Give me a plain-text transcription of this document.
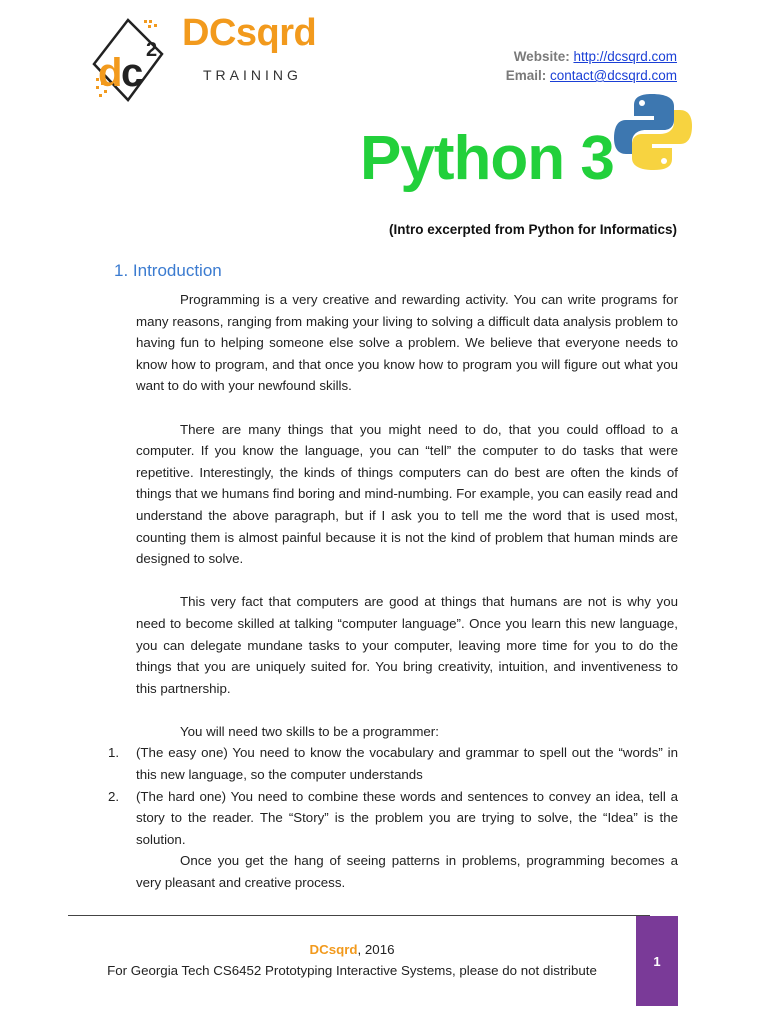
d
c
2 DCsqrd
TRAINING
Website: http://dcsqrd.com
Email: contact@dcsqrd.com
Python 3
(Intro excerpted from Python for Informatics)
1. Introduction

Programming is a very creative and rewarding activity. You can write programs for many reasons, ranging from making your living to solving a difficult data analysis problem to having fun to helping someone else solve a problem. We believe that everyone needs to know how to program, and that once you know how to program you will figure out what you want to do with your newfound skills.

There are many things that you might need to do, that you could offload to a computer. If you know the language, you can “tell” the computer to do tasks that were repetitive. Interestingly, the kinds of things computers can do best are often the kinds of things that we humans find boring and mind-numbing. For example, you can easily read and understand the above paragraph, but if I ask you to tell me the word that is used most, counting them is almost painful because it is not the kind of problem that human minds are designed to solve.

This very fact that computers are good at things that humans are not is why you need to become skilled at talking “computer language”. Once you learn this new language, you can delegate mundane tasks to your computer, leaving more time for you to do the things that you are uniquely suited for. You bring creativity, intuition, and inventiveness to this partnership.

You will need two skills to be a programmer:

1.	(The easy one) You need to know the vocabulary and grammar to spell out the “words” in this new language, so the computer understands
2.	(The hard one) You need to combine these words and sentences to convey an idea, tell a story to the reader. The “Story” is the problem you are trying to solve, the “Idea” is the solution.

Once you get the hang of seeing patterns in problems, programming becomes a very pleasant and creative process.

DCsqrd, 2016
For Georgia Tech CS6452 Prototyping Interactive Systems, please do not distribute
1
